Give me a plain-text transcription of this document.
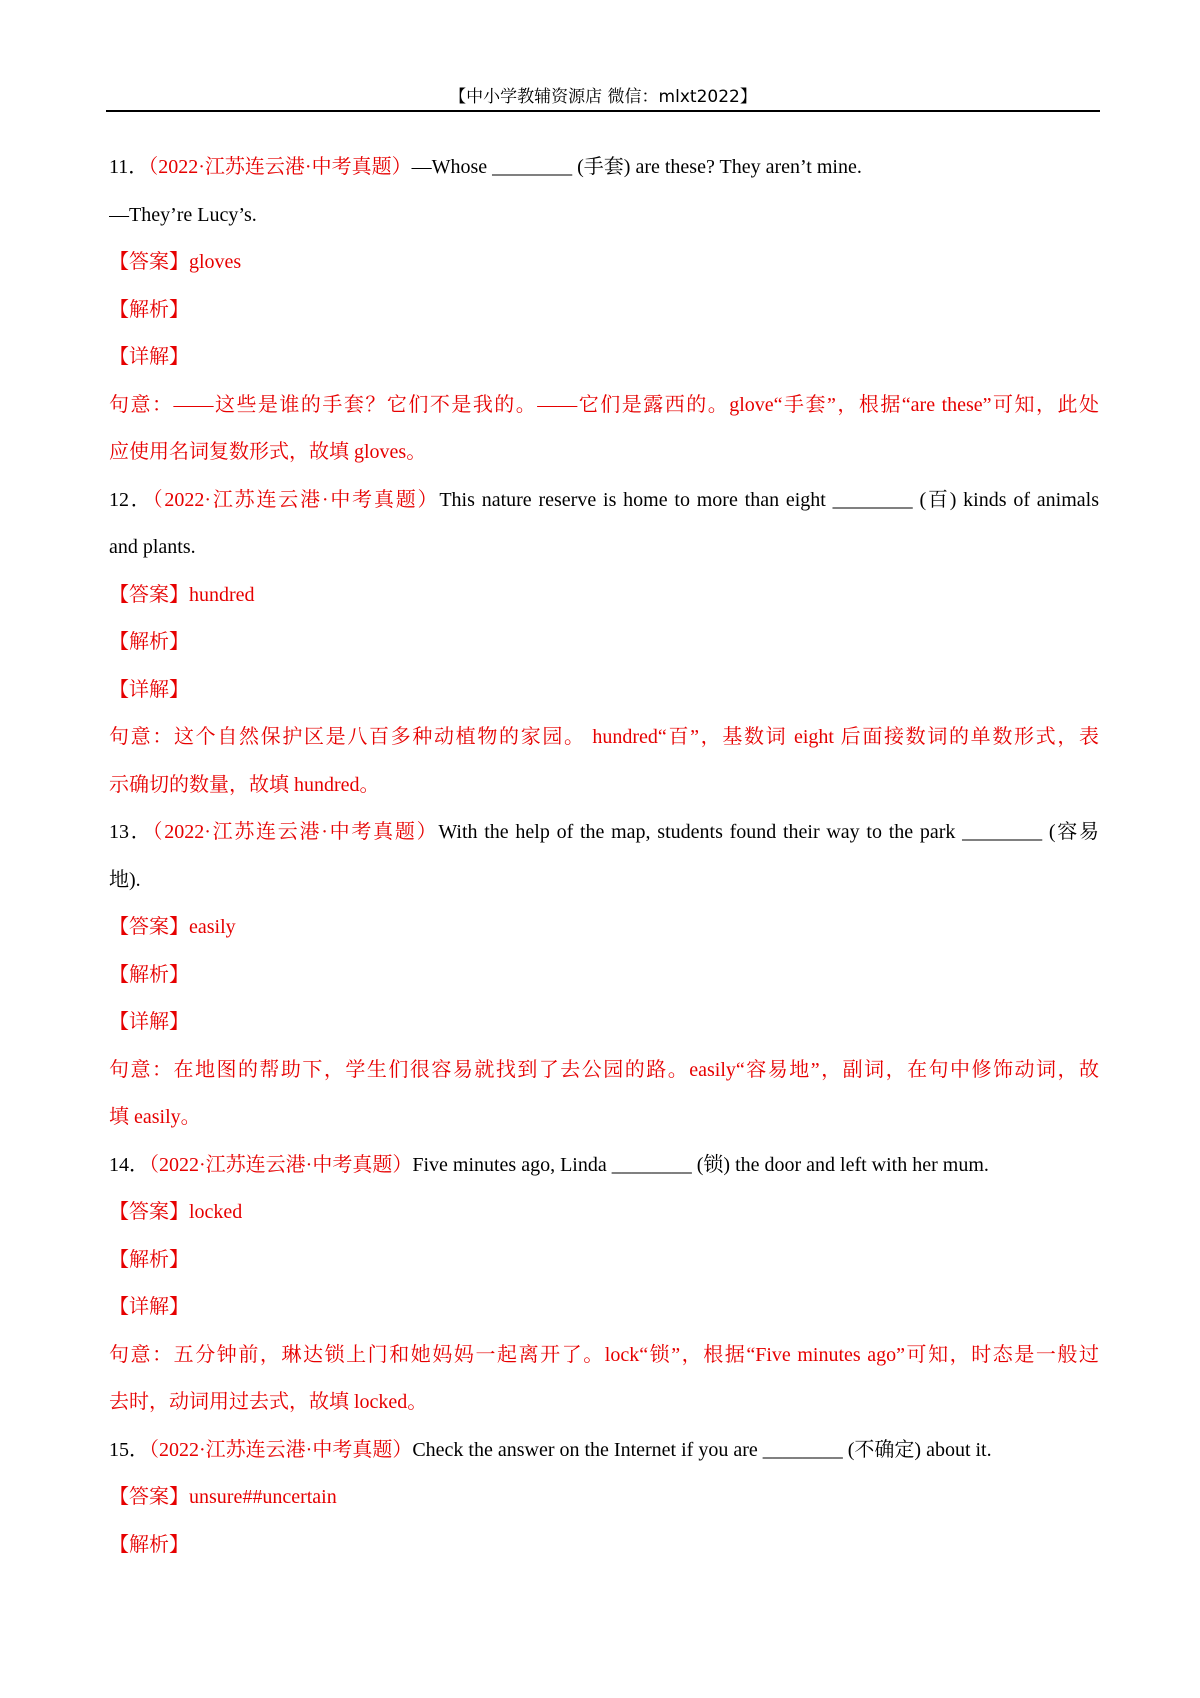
【中小学教辅资源店 微信：mlxt2022】
11．（2022·江苏连云港·中考真题）—Whose ________ (手套) are these? They aren’t mine.
—They’re Lucy’s.
【答案】gloves
【解析】
【详解】
句意：——这些是谁的手套？它们不是我的。——它们是露西的。glove“手套”，根据“are these”可知，此处
应使用名词复数形式，故填 gloves。
12．（2022·江苏连云港·中考真题）This nature reserve is home to more than eight ________ (百) kinds of animals
and plants.
【答案】hundred
【解析】
【详解】
句意：这个自然保护区是八百多种动植物的家园。 hundred“百”，基数词 eight 后面接数词的单数形式，表
示确切的数量，故填 hundred。
13．（2022·江苏连云港·中考真题）With the help of the map, students found their way to the park ________ (容易
地).
【答案】easily
【解析】
【详解】
句意：在地图的帮助下，学生们很容易就找到了去公园的路。easily“容易地”，副词，在句中修饰动词，故
填 easily。
14．（2022·江苏连云港·中考真题）Five minutes ago, Linda ________ (锁) the door and left with her mum.
【答案】locked
【解析】
【详解】
句意：五分钟前，琳达锁上门和她妈妈一起离开了。lock“锁”，根据“Five minutes ago”可知，时态是一般过
去时，动词用过去式，故填 locked。
15．（2022·江苏连云港·中考真题）Check the answer on the Internet if you are ________ (不确定) about it.
【答案】unsure##uncertain
【解析】
